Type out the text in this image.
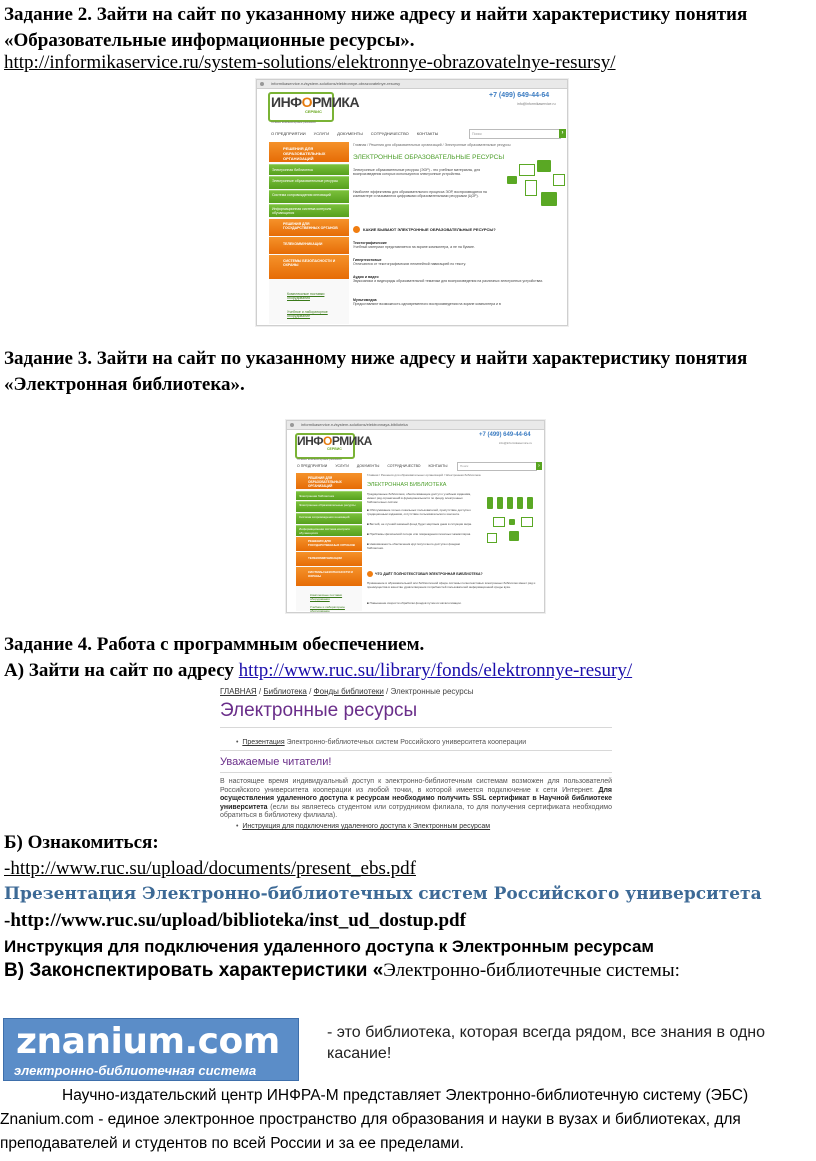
Задание 2. Зайти на сайт по указанному ниже адресу и найти характеристику понятия
«Образовательные информационные ресурсы».
http://informikaservice.ru/system-solutions/elektronnye-obrazovatelnye-resursy/
informikaservice.ru/system-solutions/elektronnye-obrazovatelnye-resursy
ИНФОРМИКА
СЕРВИС
точные компьютерные решения
+7 (499) 649-44-64
info@informikaservice.ru
О ПРЕДПРИЯТИИ УСЛУГИ ДОКУМЕНТЫ СОТРУДНИЧЕСТВО КОНТАКТЫ	Поиск	›
РЕШЕНИЯ ДЛЯ ОБРАЗОВАТЕЛЬНЫХ ОРГАНИЗАЦИЙ
Электронная библиотека
Электронные образовательные ресурсы
Система сопровождения инноваций
Информационная система контроля обучающихся
РЕШЕНИЯ ДЛЯ ГОСУДАРСТВЕННЫХ ОРГАНОВ
ТЕЛЕКОММУНИКАЦИИ
СИСТЕМЫ БЕЗОПАСНОСТИ И ОХРАНЫ
Комплексные поставки оборудования
Учебное и лабораторное оборудование
Главная / Решения для образовательных организаций / Электронные образовательные ресурсы
ЭЛЕКТРОННЫЕ ОБРАЗОВАТЕЛЬНЫЕ РЕСУРСЫ
Электронные образовательные ресурсы (ЭОР) - это учебные материалы, для воспроизведения которых используются электронные устройства.
Наиболее эффективны для образовательного процесса ЭОР, воспроизводятся на компьютере и называются цифровыми образовательными ресурсами (ЦОР).
КАКИЕ БЫВАЮТ ЭЛЕКТРОННЫЕ ОБРАЗОВАТЕЛЬНЫЕ РЕСУРСЫ?
Текстографические
Учебный материал представляется на экране компьютера, а не на бумаге.
Гипертекстовые
Отличаются от текстографических нелинейной навигацией по тексту.
Аудио и видео
Звукозаписи и видеоряды образовательной тематики для воспроизведения на различных электронных устройствах.
Мультимедиа
Предоставляют возможность одновременного воспроизведения на экране компьютера и в
Задание 3. Зайти на сайт по указанному ниже адресу и найти характеристику понятия
«Электронная библиотека».
informikaservice.ru/system-solutions/elektronnaya-biblioteka
ИНФОРМИКА
СЕРВИС
точные компьютерные решения
+7 (499) 649-44-64
info@informikaservice.ru
О ПРЕДПРИЯТИИ УСЛУГИ ДОКУМЕНТЫ СОТРУДНИЧЕСТВО КОНТАКТЫ	Поиск	›
РЕШЕНИЯ ДЛЯ ОБРАЗОВАТЕЛЬНЫХ ОРГАНИЗАЦИЙ
Электронная библиотека
Электронные образовательные ресурсы
Система сопровождения инноваций
Информационная система контроля обучающихся
РЕШЕНИЯ ДЛЯ ГОСУДАРСТВЕННЫХ ОРГАНОВ
ТЕЛЕКОММУНИКАЦИИ
СИСТЕМЫ БЕЗОПАСНОСТИ И ОХРАНЫ
Комплексные поставки оборудования
Учебное и лабораторное оборудование
Главная / Решения для образовательных организаций / Электронная библиотека
ЭЛЕКТРОННАЯ БИБЛИОТЕКА
Традиционные библиотеки, обеспечивающие доступ к учебным изданиям, имеют ряд ограничений в функциональности по фонду электронных библиотечных систем:
■ Обслуживание только локальных пользователей, присутствие доступа к традиционным изданиям, отсутствие пользовательского контента.
■ Ветхий, не лучший книжный фонд будет мертвым днем в ситуации мира.
■ Проблемы физической потери или повреждения печатных экземпляров.
■ Невозможность обеспечения круглосуточного доступа к фондам библиотеки.
ЧТО ДАЁТ ПОЛНОТЕКСТОВАЯ ЭЛЕКТРОННАЯ БИБЛИОТЕКА?
Применение в образовательной или библиотечной сфере системы полнотекстовых электронных библиотек имеет ряд и преимущества в качестве удовлетворения потребностей пользователей информационной среды вуза.
■ Повышение скорости обработки фондов путем их каталогизации.
Задание 4. Работа с программным обеспечением.
А) Зайти на сайт по адресу http://www.ruc.su/library/fonds/elektronnye-resury/
ГЛАВНАЯ / Библиотека / Фонды библиотеки / Электронные ресурсы
Электронные ресурсы
•  Презентация Электронно-библиотечных систем Российского университета кооперации
Уважаемые читатели!
В настоящее время индивидуальный доступ к электронно-библиотечным системам возможен для пользователей Российского университета кооперации из любой точки, в которой имеется подключение к сети Интернет. Для осуществления удаленного доступа к ресурсам необходимо получить SSL сертификат в Научной библиотеке университета (если вы являетесь студентом или сотрудником филиала, то для получения сертификата необходимо обратиться в библиотеку филиала).
•  Инструкция для подключения удаленного доступа к Электронным ресурсам
Б) Ознакомиться:
-http://www.ruc.su/upload/documents/present_ebs.pdf
Презентация Электронно-библиотечных систем Российского университета
-http://www.ruc.su/upload/biblioteka/inst_ud_dostup.pdf
Инструкция для подключения удаленного доступа к Электронным ресурсам
В) Законспектировать характеристики «Электронно-библиотечные системы:
znanium.com
электронно-библиотечная система
- это библиотека, которая всегда рядом, все знания в одно касание!
Научно-издательский центр ИНФРА-М представляет Электронно-библиотечную систему (ЭБС)
Znanium.com - единое электронное пространство для образования и науки в вузах и библиотеках, для
преподавателей и студентов по всей России и за ее пределами.
